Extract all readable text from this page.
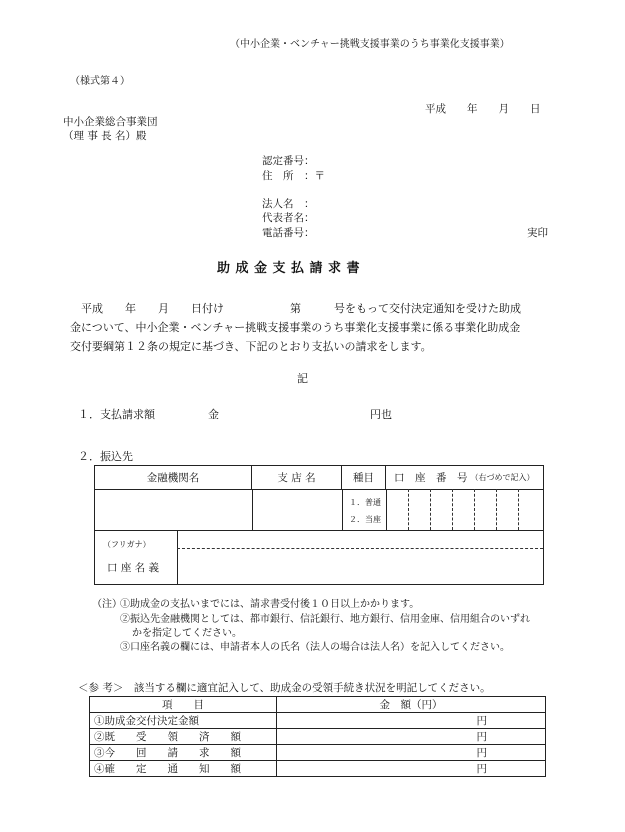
（中小企業・ベンチャー挑戦支援事業のうち事業化支援事業）
（様式第４）
平成　　年　　月　　日
中小企業総合事業団
（理 事 長 名）殿
認定番号：
住　所　：〒
法人名　：
代表者名：
電話番号：	実印
助成金支払請求書
　平成　　年　　月　　日付け　　　　　　第　　　号をもって交付決定通知を受けた助成
金について、中小企業・ベンチャー挑戦支援事業のうち事業化支援事業に係る事業化助成金
交付要綱第１２条の規定に基づき、下記のとおり支払いの請求をします。
記
１．支払請求額	金	円也
２．振込先
金融機関名	支 店 名	種目 口　座　番　号 （右づめで記入）
１．普通
２．当座
（フリガナ）
口 座 名 義
（注）
①助成金の支払いまでには、請求書受付後１０日以上かかります。
②振込先金融機関としては、都市銀行、信託銀行、地方銀行、信用金庫、信用組合のいずれ
かを指定してください。
③口座名義の欄には、申請者本人の氏名（法人の場合は法人名）を記入してください。
＜参 考＞　該当する欄に適宜記入して、助成金の受領手続き状況を明記してください。
項　　目	金　額（円）
①助成金交付決定金額	円
②既　　受　　領　　済　　額	円
③今　　回　　請　　求　　額	円
④確　　定　　通　　知　　額	円
